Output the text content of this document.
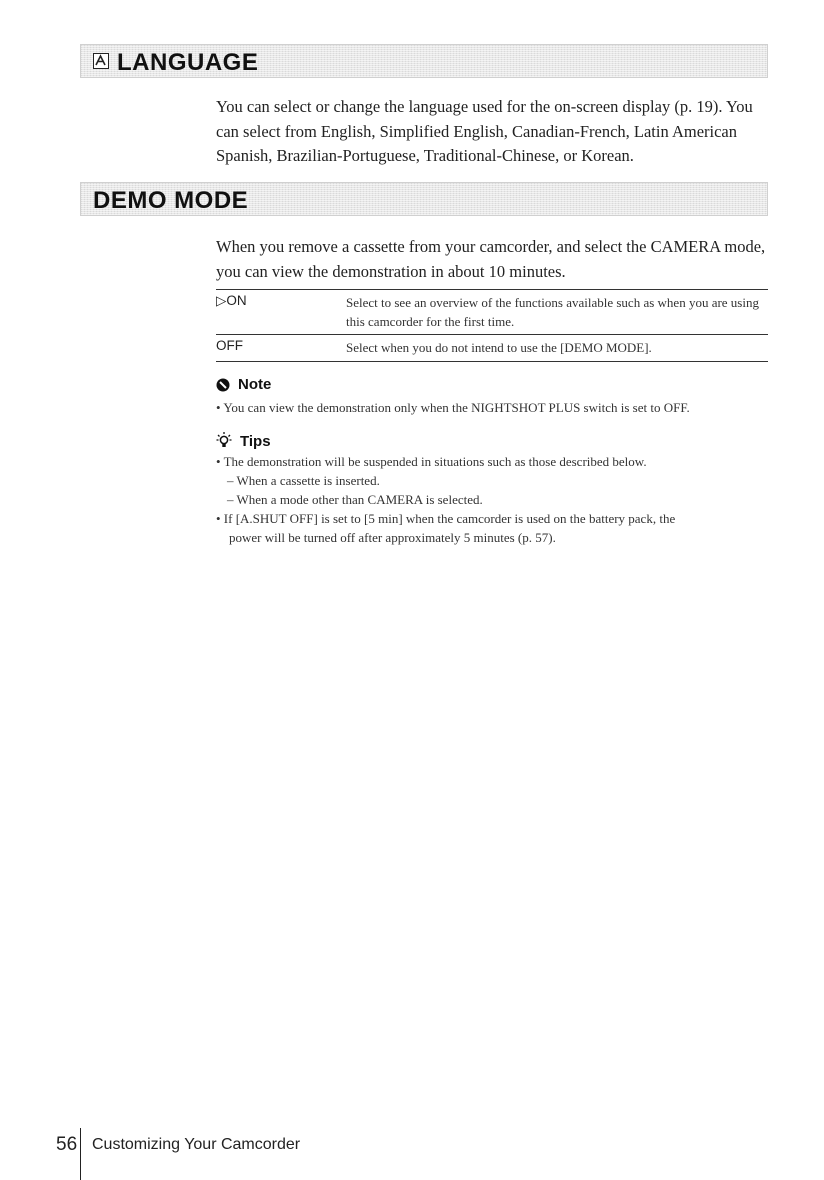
LANGUAGE
You can select or change the language used for the on-screen display (p. 19). You can select from English, Simplified English, Canadian-French, Latin American Spanish, Brazilian-Portuguese, Traditional-Chinese, or Korean.
DEMO MODE
When you remove a cassette from your camcorder, and select the CAMERA mode, you can view the demonstration in about 10 minutes.
▷ON	Select to see an overview of the functions available such as when you are using this camcorder for the first time.
OFF	Select when you do not intend to use the [DEMO MODE].
Note
• You can view the demonstration only when the NIGHTSHOT PLUS switch is set to OFF.
Tips
• The demonstration will be suspended in situations such as those described below.
– When a cassette is inserted.
– When a mode other than CAMERA is selected.
• If [A.SHUT OFF] is set to [5 min] when the camcorder is used on the battery pack, the
power will be turned off after approximately 5 minutes (p. 57).
56 Customizing Your Camcorder
